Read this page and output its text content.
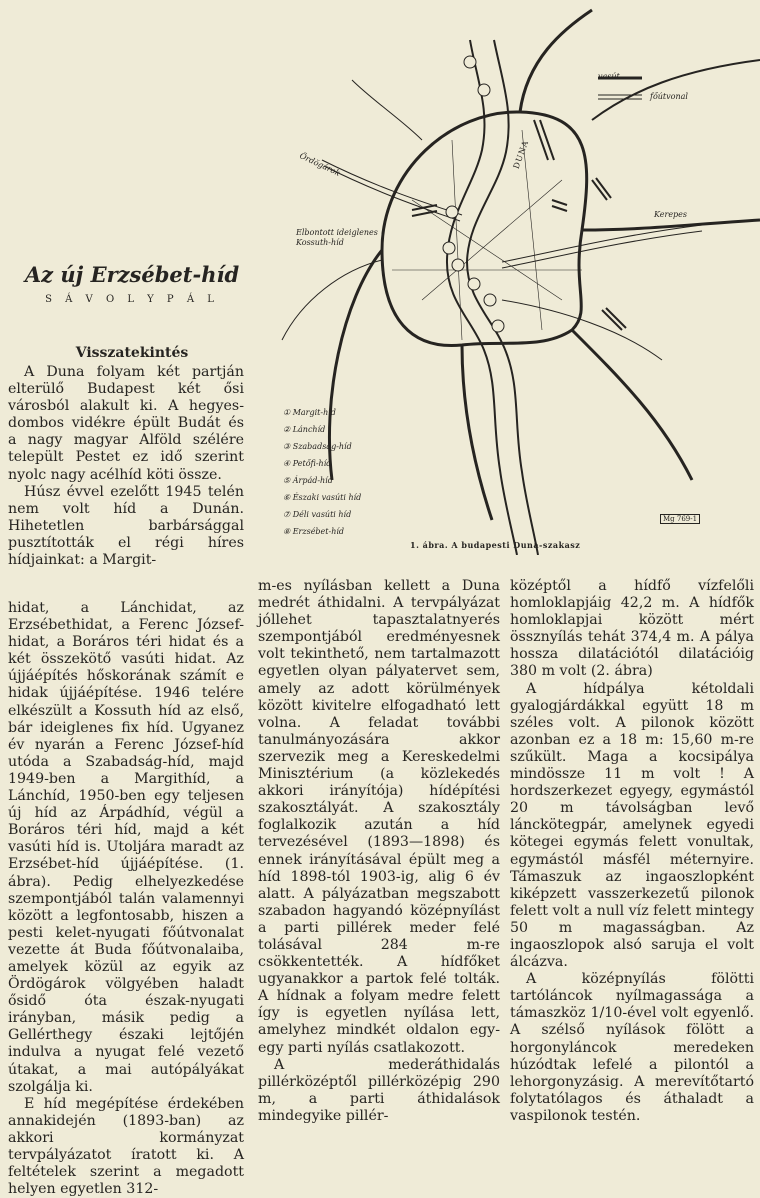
vasút
főútvonal
DUNA
Kerepes
Ördögárok
Elbontott ideiglenes Kossuth-híd
① Margit-híd
② Lánchíd
③ Szabadság-híd
④ Petőfi-híd
⑤ Árpád-híd
⑥ Északi vasúti híd
⑦ Déli vasúti híd
⑧ Erzsébet-híd
Mg 769-1
1. ábra. A budapesti Duna-szakasz
Az új Erzsébet-híd
S Á V O L Y P Á L
Visszatekintés

A Duna folyam két partján elterülő Budapest két ősi városból alakult ki. A hegyes-dombos vidékre épült Budát és a nagy magyar Alföld szélére települt Pestet ez idő szerint nyolc nagy acélhíd köti össze.

Húsz évvel ezelőtt 1945 telén nem volt híd a Dunán. Hihetetlen barbársággal pusztították el régi híres hídjainkat: a Margit-

hidat, a Lánchidat, az Erzsébethidat, a Ferenc József-hidat, a Boráros téri hidat és a két összekötő vasúti hidat. Az újjáépítés hőskorának számít e hidak újjáépítése. 1946 telére elkészült a Kossuth híd az első, bár ideiglenes fix híd. Ugyanez év nyarán a Ferenc József-híd utóda a Szabadság-híd, majd 1949-ben a Margithíd, a Lánchíd, 1950-ben egy teljesen új híd az Árpádhíd, végül a Boráros téri híd, majd a két vasúti híd is. Utoljára maradt az Erzsébet-híd újjáépítése. (1. ábra). Pedig elhelyezkedése szempontjából talán valamennyi között a legfontosabb, hiszen a pesti kelet-nyugati főútvonalat vezette át Buda főútvonalaiba, amelyek közül az egyik az Ördögárok völgyében haladt ősidő óta észak-nyugati irányban, másik pedig a Gellérthegy északi lejtőjén indulva a nyugat felé vezető útakat, a mai autópályákat szolgálja ki.

E híd megépítése érdekében annakidején (1893-ban) az akkori kormányzat tervpályázatot íratott ki. A feltételek szerint a megadott helyen egyetlen 312-

m-es nyílásban kellett a Duna medrét áthidalni. A tervpályázat jóllehet tapasztalatnyerés szempontjából eredményesnek volt tekinthető, nem tartalmazott egyetlen olyan pályatervet sem, amely az adott körülmények között kivitelre elfogadható lett volna. A feladat további tanulmányozására akkor szervezik meg a Kereskedelmi Minisztérium (a közlekedés akkori irányítója) hídépítési szakosztályát. A szakosztály foglalkozik azután a híd tervezésével (1893—1898) és ennek irányításával épült meg a híd 1898-tól 1903-ig, alig 6 év alatt. A pályázatban megszabott szabadon hagyandó középnyílást a parti pillérek meder felé tolásával 284 m-re csökkentették. A hídfőket ugyanakkor a partok felé tolták. A hídnak a folyam medre felett így is egyetlen nyílása lett, amelyhez mindkét oldalon egy-egy parti nyílás csatlakozott.

A mederáthidalás pillérközéptől pillérközépig 290 m, a parti áthidalások mindegyike pillér-

középtől a hídfő vízfelőli homloklapjáig 42,2 m. A hídfők homloklapjai között mért össznyílás tehát 374,4 m. A pálya hossza dilatációtól dilatációig 380 m volt (2. ábra)

A hídpálya kétoldali gyalogjárdákkal együtt 18 m széles volt. A pilonok között azonban ez a 18 m: 15,60 m-re szűkült. Maga a kocsipálya mindössze 11 m volt ! A hordszerkezet egyegy, egymástól 20 m távolságban levő lánckötegpár, amelynek egyedi kötegei egymás felett vonultak, egymástól másfél méternyire. Támaszuk az ingaoszlopként kiképzett vasszerkezetű pilonok felett volt a null víz felett mintegy 50 m magasságban. Az ingaoszlopok alsó saruja el volt álcázva.

A középnyílás fölötti tartóláncok nyílmagassága a támaszköz 1/10-ével volt egyenlő. A szélső nyílások fölött a horgonyláncok meredeken húzódtak lefelé a pilontól a lehorgonyzásig. A merevítőtartó folytatólagos és áthaladt a vaspilonok testén.
